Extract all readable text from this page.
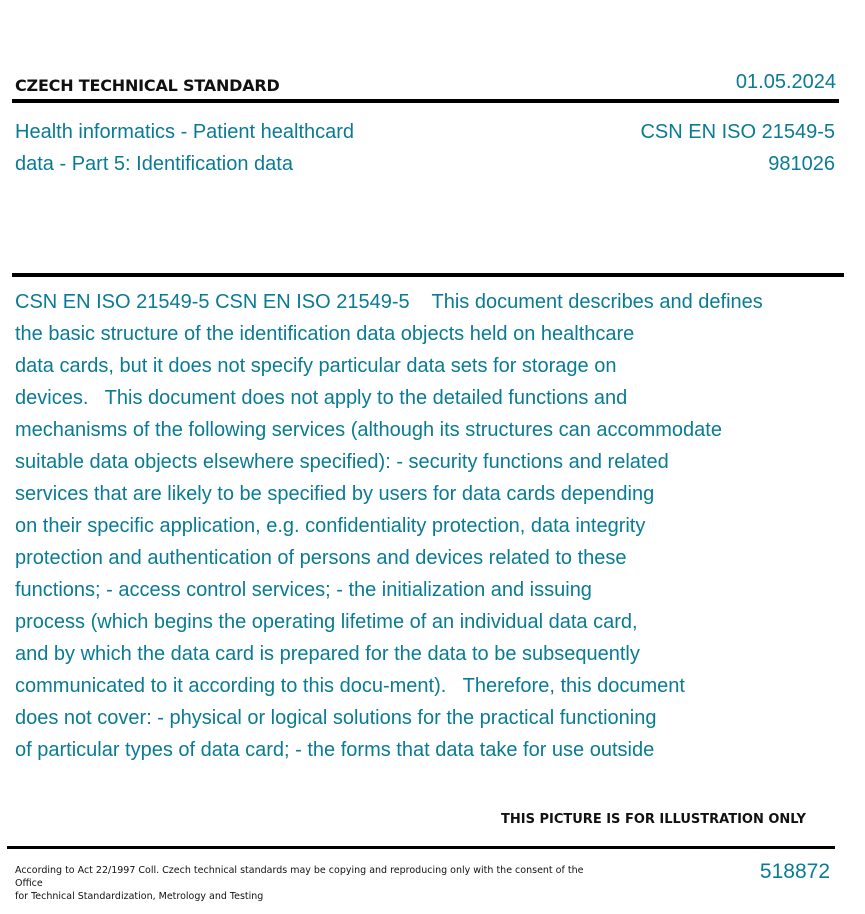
CZECH TECHNICAL STANDARD	01.05.2024
Health informatics - Patient healthcard
data - Part 5: Identification data
CSN EN ISO 21549-5
981026
CSN EN ISO 21549-5 CSN EN ISO 21549-5    This document describes and defines
the basic structure of the identification data objects held on healthcare
data cards, but it does not specify particular data sets for storage on
devices.   This document does not apply to the detailed functions and
mechanisms of the following services (although its structures can accommodate
suitable data objects elsewhere specified): - security functions and related
services that are likely to be specified by users for data cards depending
on their specific application, e.g. confidentiality protection, data integrity
protection and authentication of persons and devices related to these
functions; - access control services; - the initialization and issuing
process (which begins the operating lifetime of an individual data card,
and by which the data card is prepared for the data to be subsequently
communicated to it according to this docu-ment).   Therefore, this document
does not cover: - physical or logical solutions for the practical functioning
of particular types of data card; - the forms that data take for use outside
THIS PICTURE IS FOR ILLUSTRATION ONLY
According to Act 22/1997 Coll. Czech technical standards may be copying and reproducing only with the consent of the Office
for Technical Standardization, Metrology and Testing
518872
